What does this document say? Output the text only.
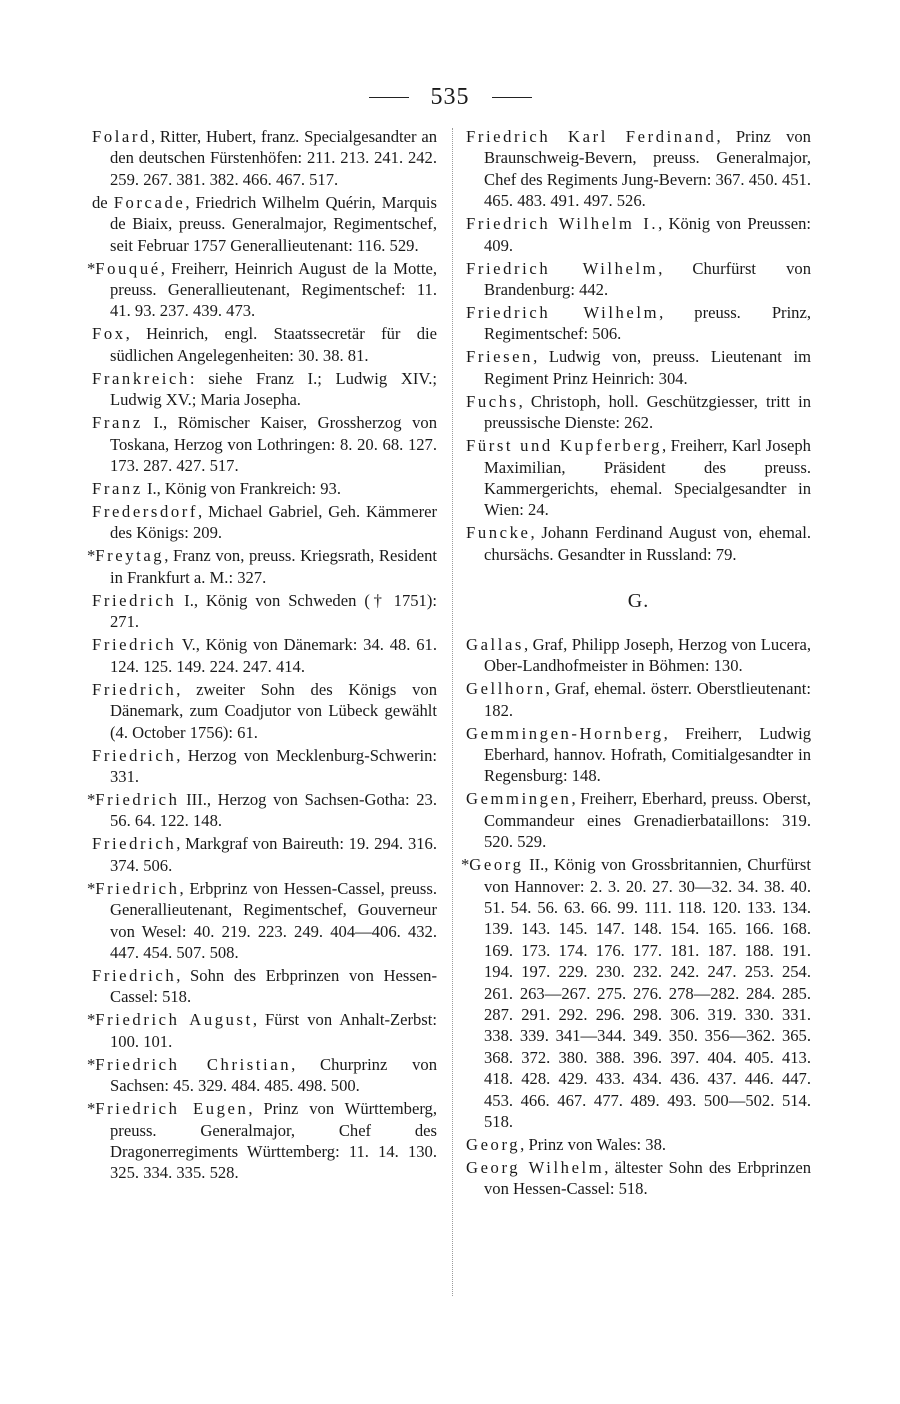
535

Folard, Ritter, Hubert, franz. Specialgesandter an den deutschen Fürstenhöfen: 211. 213. 241. 242. 259. 267. 381. 382. 466. 467. 517.

de Forcade, Friedrich Wilhelm Quérin, Marquis de Biaix, preuss. Generalmajor, Regimentschef, seit Februar 1757 Generallieutenant: 116. 529.

*Fouqué, Freiherr, Heinrich August de la Motte, preuss. Generallieutenant, Regimentschef: 11. 41. 93. 237. 439. 473.

Fox, Heinrich, engl. Staatssecretär für die südlichen Angelegenheiten: 30. 38. 81.

Frankreich: siehe Franz I.; Ludwig XIV.; Ludwig XV.; Maria Josepha.

Franz I., Römischer Kaiser, Grossherzog von Toskana, Herzog von Lothringen: 8. 20. 68. 127. 173. 287. 427. 517.

Franz I., König von Frankreich: 93.

Fredersdorf, Michael Gabriel, Geh. Kämmerer des Königs: 209.

*Freytag, Franz von, preuss. Kriegsrath, Resident in Frankfurt a. M.: 327.

Friedrich I., König von Schweden († 1751): 271.

Friedrich V., König von Dänemark: 34. 48. 61. 124. 125. 149. 224. 247. 414.

Friedrich, zweiter Sohn des Königs von Dänemark, zum Coadjutor von Lübeck gewählt (4. October 1756): 61.

Friedrich, Herzog von Mecklenburg-Schwerin: 331.

*Friedrich III., Herzog von Sachsen-Gotha: 23. 56. 64. 122. 148.

Friedrich, Markgraf von Baireuth: 19. 294. 316. 374. 506.

*Friedrich, Erbprinz von Hessen-Cassel, preuss. Generallieutenant, Regimentschef, Gouverneur von Wesel: 40. 219. 223. 249. 404—406. 432. 447. 454. 507. 508.

Friedrich, Sohn des Erbprinzen von Hessen-Cassel: 518.

*Friedrich August, Fürst von Anhalt-Zerbst: 100. 101.

*Friedrich Christian, Churprinz von Sachsen: 45. 329. 484. 485. 498. 500.

*Friedrich Eugen, Prinz von Württemberg, preuss. Generalmajor, Chef des Dragonerregiments Württemberg: 11. 14. 130. 325. 334. 335. 528.

Friedrich Karl Ferdinand, Prinz von Braunschweig-Bevern, preuss. Generalmajor, Chef des Regiments Jung-Bevern: 367. 450. 451. 465. 483. 491. 497. 526.

Friedrich Wilhelm I., König von Preussen: 409.

Friedrich Wilhelm, Churfürst von Brandenburg: 442.

Friedrich Wilhelm, preuss. Prinz, Regimentschef: 506.

Friesen, Ludwig von, preuss. Lieutenant im Regiment Prinz Heinrich: 304.

Fuchs, Christoph, holl. Geschützgiesser, tritt in preussische Dienste: 262.

Fürst und Kupferberg, Freiherr, Karl Joseph Maximilian, Präsident des preuss. Kammergerichts, ehemal. Specialgesandter in Wien: 24.

Funcke, Johann Ferdinand August von, ehemal. chursächs. Gesandter in Russland: 79.

G.

Gallas, Graf, Philipp Joseph, Herzog von Lucera, Ober-Landhofmeister in Böhmen: 130.

Gellhorn, Graf, ehemal. österr. Oberstlieutenant: 182.

Gemmingen-Hornberg, Freiherr, Ludwig Eberhard, hannov. Hofrath, Comitialgesandter in Regensburg: 148.

Gemmingen, Freiherr, Eberhard, preuss. Oberst, Commandeur eines Grenadierbataillons: 319. 520. 529.

*Georg II., König von Grossbritannien, Churfürst von Hannover: 2. 3. 20. 27. 30—32. 34. 38. 40. 51. 54. 56. 63. 66. 99. 111. 118. 120. 133. 134. 139. 143. 145. 147. 148. 154. 165. 166. 168. 169. 173. 174. 176. 177. 181. 187. 188. 191. 194. 197. 229. 230. 232. 242. 247. 253. 254. 261. 263—267. 275. 276. 278—282. 284. 285. 287. 291. 292. 296. 298. 306. 319. 330. 331. 338. 339. 341—344. 349. 350. 356—362. 365. 368. 372. 380. 388. 396. 397. 404. 405. 413. 418. 428. 429. 433. 434. 436. 437. 446. 447. 453. 466. 467. 477. 489. 493. 500—502. 514. 518.

Georg, Prinz von Wales: 38.

Georg Wilhelm, ältester Sohn des Erbprinzen von Hessen-Cassel: 518.
